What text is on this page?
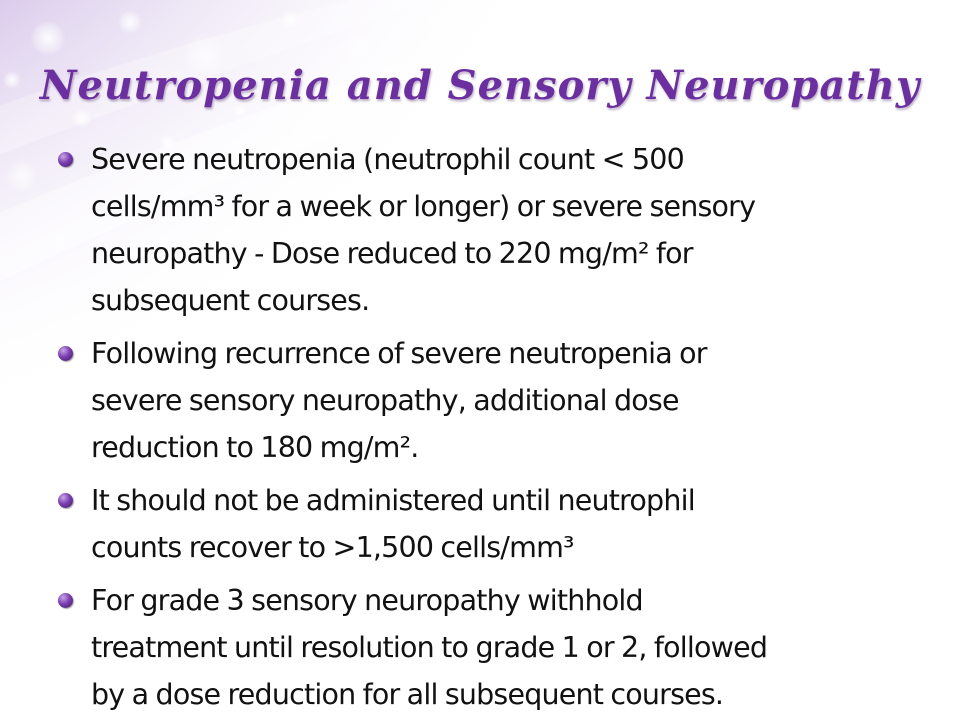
Neutropenia and Sensory Neuropathy
Severe neutropenia (neutrophil count < 500
cells/mm³ for a week or longer) or severe sensory
neuropathy - Dose reduced to 220 mg/m² for
subsequent courses.
Following recurrence of severe neutropenia or
severe sensory neuropathy, additional dose
reduction to 180 mg/m².
It should not be administered until neutrophil
counts recover to >1,500 cells/mm³
For grade 3 sensory neuropathy withhold
treatment until resolution to grade 1 or 2, followed
by a dose reduction for all subsequent courses.
